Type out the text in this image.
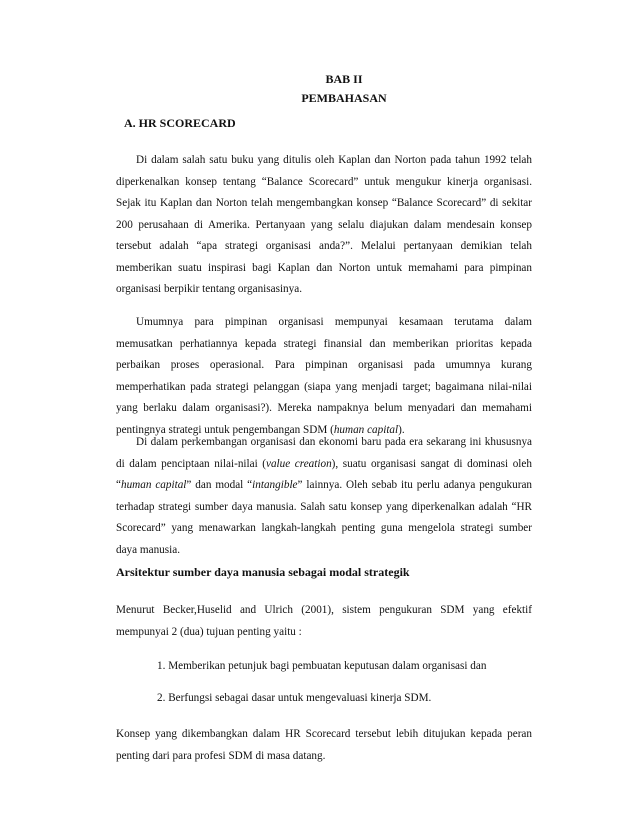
BAB II
PEMBAHASAN
A. HR SCORECARD

Di dalam salah satu buku yang ditulis oleh Kaplan dan Norton pada tahun 1992 telah diperkenalkan konsep tentang “Balance Scorecard” untuk mengukur kinerja organisasi. Sejak itu Kaplan dan Norton telah mengembangkan konsep “Balance Scorecard” di sekitar 200 perusahaan di Amerika. Pertanyaan yang selalu diajukan dalam mendesain konsep tersebut adalah “apa strategi organisasi anda?”. Melalui pertanyaan demikian telah memberikan suatu inspirasi bagi Kaplan dan Norton untuk memahami para pimpinan organisasi berpikir tentang organisasinya.

Umumnya para pimpinan organisasi mempunyai kesamaan terutama dalam memusatkan perhatiannya kepada strategi finansial dan memberikan prioritas kepada perbaikan proses operasional. Para pimpinan organisasi pada umumnya kurang memperhatikan pada strategi pelanggan (siapa yang menjadi target; bagaimana nilai-nilai yang berlaku dalam organisasi?). Mereka nampaknya belum menyadari dan memahami pentingnya strategi untuk pengembangan SDM (human capital).

Di dalam perkembangan organisasi dan ekonomi baru pada era sekarang ini khususnya di dalam penciptaan nilai-nilai (value creation), suatu organisasi sangat di dominasi oleh “human capital” dan modal “intangible” lainnya. Oleh sebab itu perlu adanya pengukuran terhadap strategi sumber daya manusia. Salah satu konsep yang diperkenalkan adalah “HR Scorecard” yang menawarkan langkah-langkah penting guna mengelola strategi sumber daya manusia.

Arsitektur sumber daya manusia sebagai modal strategik

Menurut Becker,Huselid and Ulrich (2001), sistem pengukuran SDM yang efektif mempunyai 2 (dua) tujuan penting yaitu :

1. Memberikan petunjuk bagi pembuatan keputusan dalam organisasi dan
2. Berfungsi sebagai dasar untuk mengevaluasi kinerja SDM.

Konsep yang dikembangkan dalam HR Scorecard tersebut lebih ditujukan kepada peran penting dari para profesi SDM di masa datang.
